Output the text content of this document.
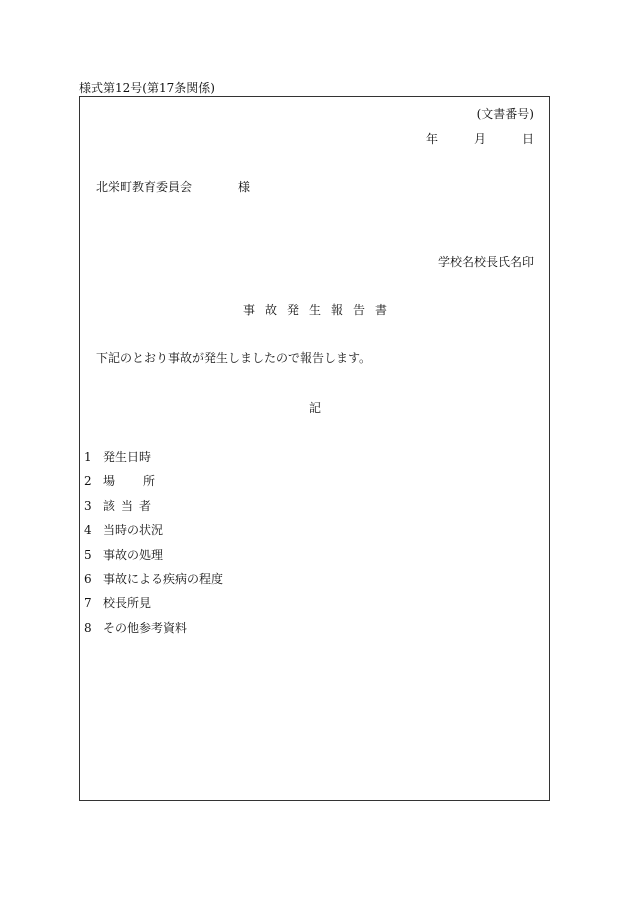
様式第12号(第17条関係)
(文書番号)
年	月	日
北栄町教育委員会	様
学校名校長氏名印
事故発生報告書
下記のとおり事故が発生しましたので報告します。
記
1 発生日時
2 場 所
3 該当者
4 当時の状況
5 事故の処理
6 事故による疾病の程度
7 校長所見
8 その他参考資料
